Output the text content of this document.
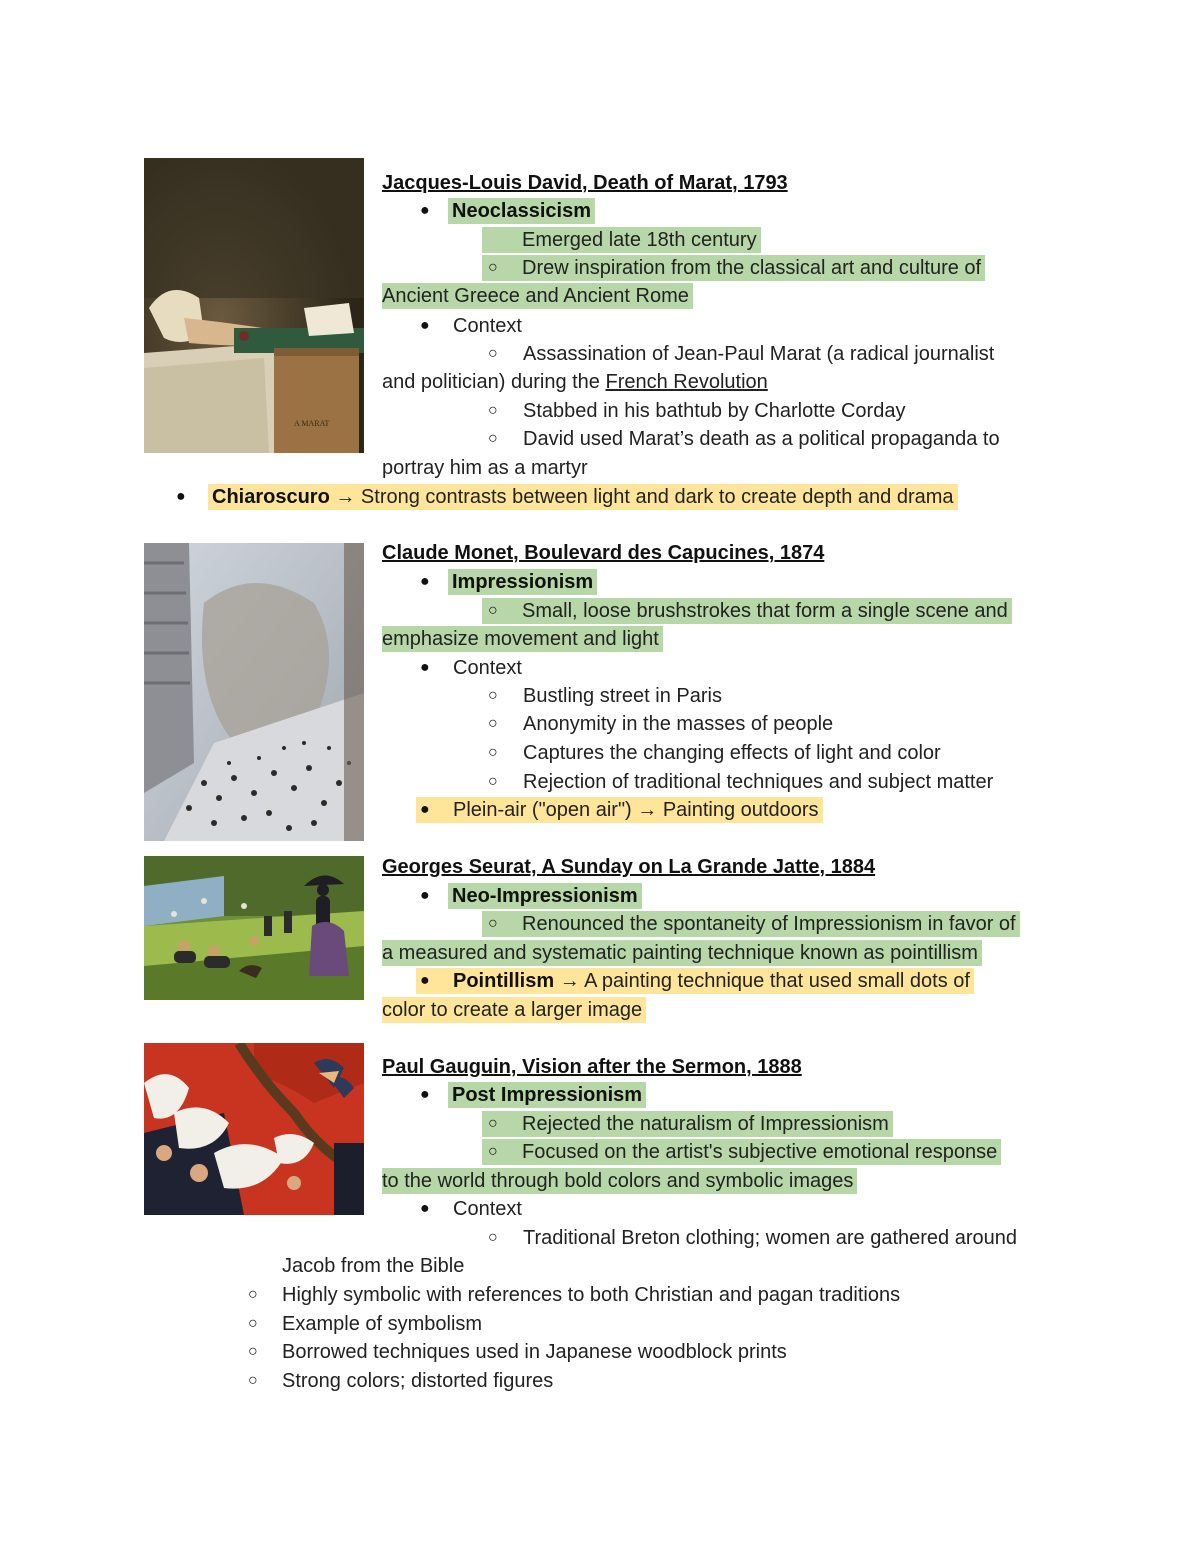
A MARAT
Jacques-Louis David, Death of Marat, 1793
● Neoclassicism
Emerged late 18th century
Drew inspiration from the classical art and culture of
○
Ancient Greece and Ancient Rome
● Context
○ Assassination of Jean-Paul Marat (a radical journalist
and politician) during the French Revolution
○ Stabbed in his bathtub by Charlotte Corday
○ David used Marat’s death as a political propaganda to
portray him as a martyr
● Chiaroscuro → Strong contrasts between light and dark to create depth and drama
Claude Monet, Boulevard des Capucines, 1874
● Impressionism
Small, loose brushstrokes that form a single scene and
○
emphasize movement and light
● Context
○ Bustling street in Paris
○ Anonymity in the masses of people
○ Captures the changing effects of light and color
○ Rejection of traditional techniques and subject matter
Plein-air ("open air") → Painting outdoors
●
Georges Seurat, A Sunday on La Grande Jatte, 1884
● Neo-Impressionism
Renounced the spontaneity of Impressionism in favor of
○
a measured and systematic painting technique known as pointillism
Pointillism → A painting technique that used small dots of
●
color to create a larger image
Paul Gauguin, Vision after the Sermon, 1888
● Post Impressionism
Rejected the naturalism of Impressionism
○
Focused on the artist's subjective emotional response
○
to the world through bold colors and symbolic images
● Context
○ Traditional Breton clothing; women are gathered around
Jacob from the Bible
○ Highly symbolic with references to both Christian and pagan traditions
○ Example of symbolism
○ Borrowed techniques used in Japanese woodblock prints
○ Strong colors; distorted figures
